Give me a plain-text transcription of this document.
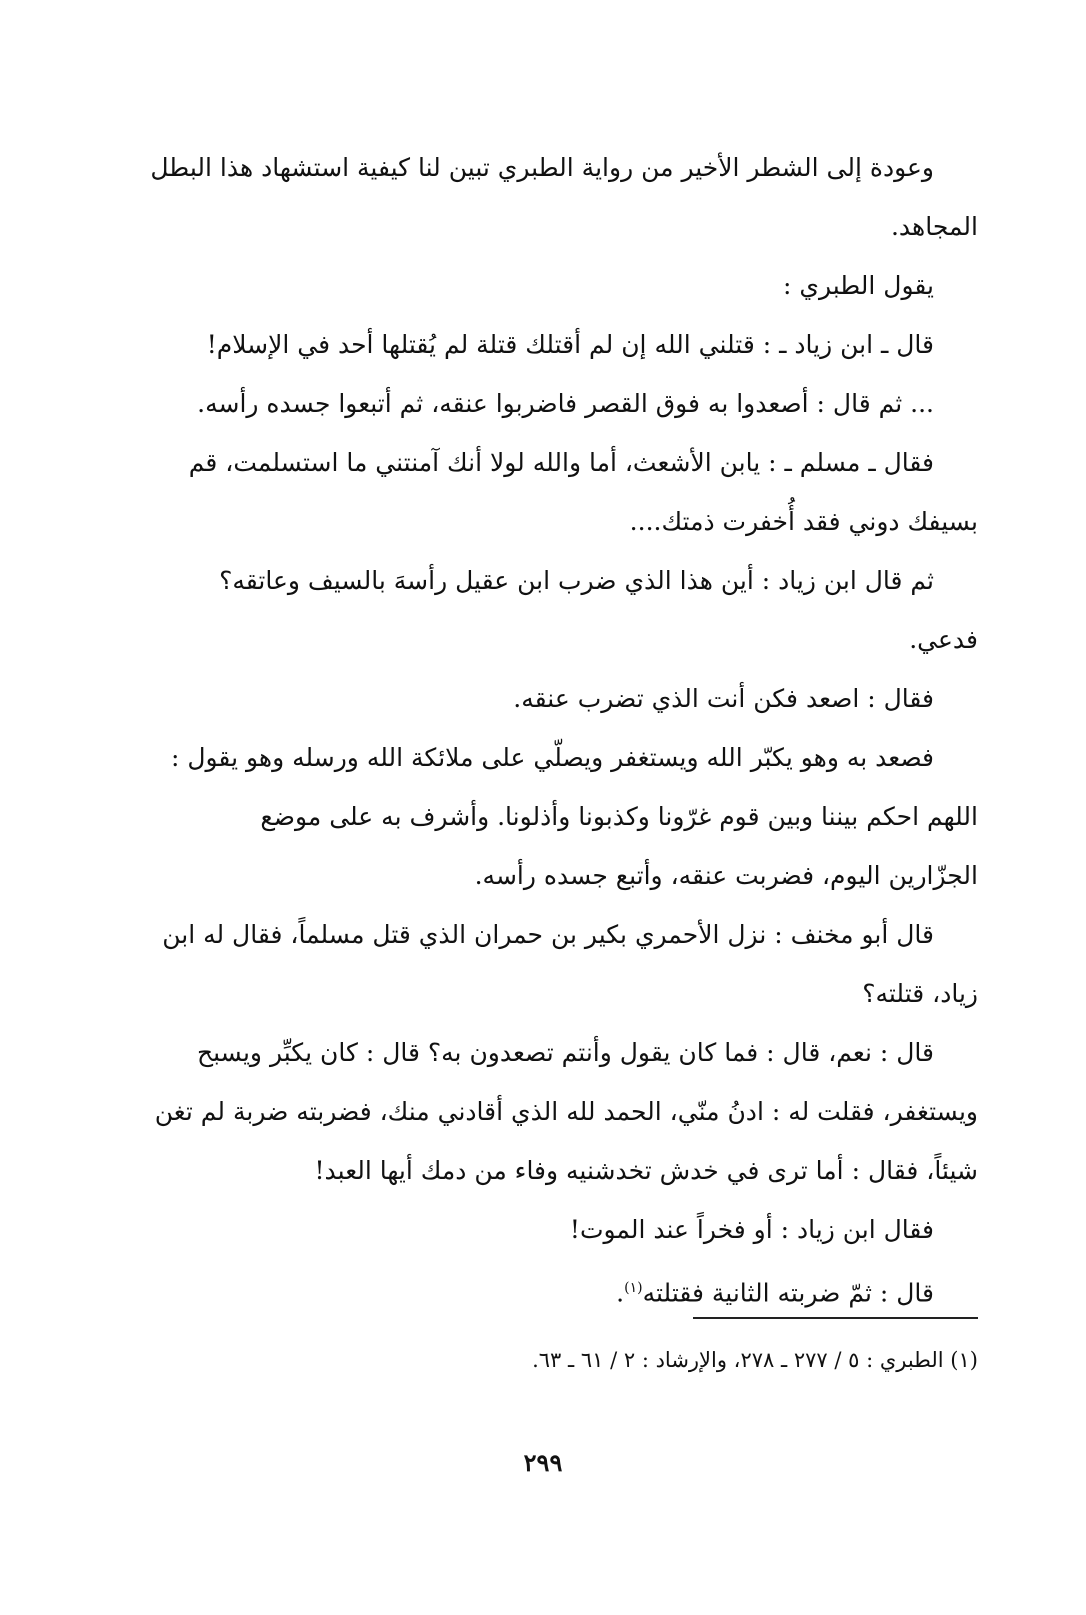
وعودة إلى الشطر الأخير من رواية الطبري تبين لنا كيفية استشهاد هذا البطل
المجاهد.
يقول الطبري :
قال ـ ابن زياد ـ : قتلني الله إن لم أقتلك قتلة لم يُقتلها أحد في الإسلام!
... ثم قال : أصعدوا به فوق القصر فاضربوا عنقه، ثم أتبعوا جسده رأسه.
فقال ـ مسلم ـ : يابن الأشعث، أما والله لولا أنك آمنتني ما استسلمت، قم
بسيفك دوني فقد أُخفرت ذمتك....
ثم قال ابن زياد : أين هذا الذي ضرب ابن عقيل رأسهَ بالسيف وعاتقه؟
فدعي.
فقال : اصعد فكن أنت الذي تضرب عنقه.
فصعد به وهو يكبّر الله ويستغفر ويصلّي على ملائكة الله ورسله وهو يقول :
اللهم احكم بيننا وبين قوم غرّونا وكذبونا وأذلونا. وأشرف به على موضع
الجزّارين اليوم، فضربت عنقه، وأتبع جسده رأسه.
قال أبو مخنف : نزل الأحمري بكير بن حمران الذي قتل مسلماً، فقال له ابن
زياد، قتلته؟
قال : نعم، قال : فما كان يقول وأنتم تصعدون به؟ قال : كان يكبِّر ويسبح
ويستغفر، فقلت له : ادنُ منّي، الحمد لله الذي أقادني منك، فضربته ضربة لم تغن
شيئاً، فقال : أما ترى في خدش تخدشنيه وفاء من دمك أيها العبد!
فقال ابن زياد : أو فخراً عند الموت!
قال : ثمّ ضربته الثانية فقتلته$^{(١)}$.
(١) الطبري : ٥ / ٢٧٧ ـ ٢٧٨، والإرشاد : ٢ / ٦١ ـ ٦٣.
٢٩٩
